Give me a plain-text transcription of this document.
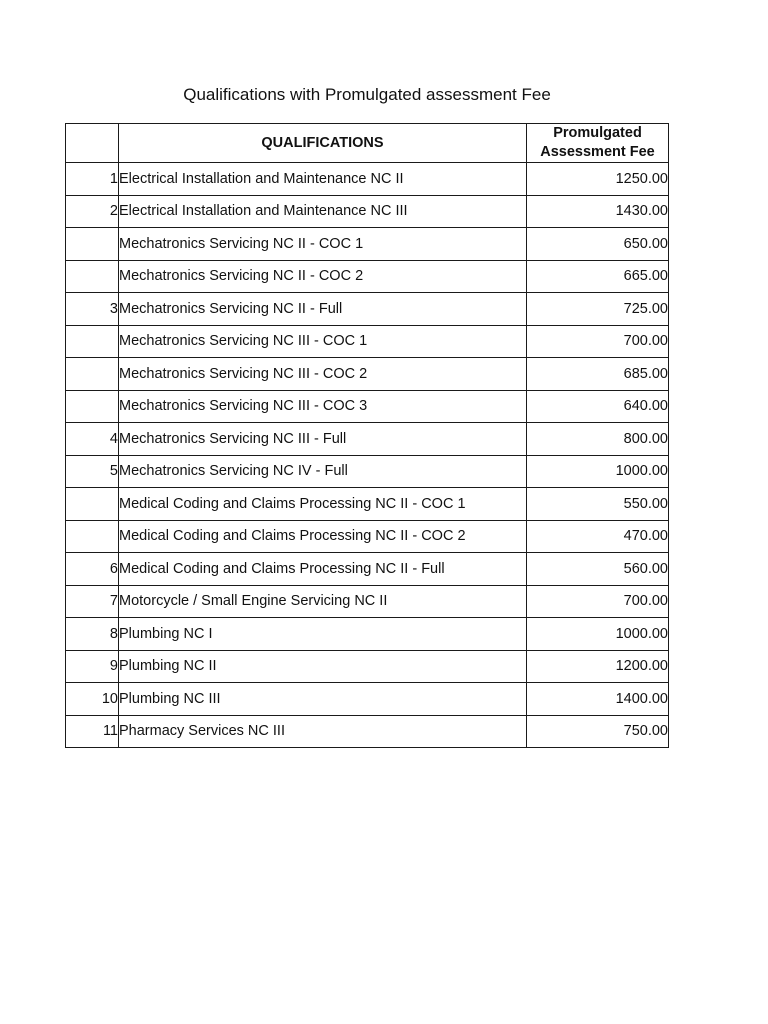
Qualifications with Promulgated assessment Fee
	QUALIFICATIONS	Promulgated
Assessment Fee

1	Electrical Installation and Maintenance NC II	1250.00
2	Electrical Installation and Maintenance NC III	1430.00
	Mechatronics Servicing NC II - COC 1	650.00
	Mechatronics Servicing NC II - COC 2	665.00
3	Mechatronics Servicing NC II - Full	725.00
	Mechatronics Servicing NC III - COC 1	700.00
	Mechatronics Servicing NC III - COC 2	685.00
	Mechatronics Servicing NC III - COC 3	640.00
4	Mechatronics Servicing NC III - Full	800.00
5	Mechatronics Servicing NC IV - Full	1000.00
	Medical Coding and Claims Processing NC II - COC 1	550.00
	Medical Coding and Claims Processing NC II - COC 2	470.00
6	Medical Coding and Claims Processing NC II - Full	560.00
7	Motorcycle / Small Engine Servicing NC II	700.00
8	Plumbing NC I	1000.00
9	Plumbing NC II	1200.00
10	Plumbing NC III	1400.00
11	Pharmacy Services NC III	750.00
